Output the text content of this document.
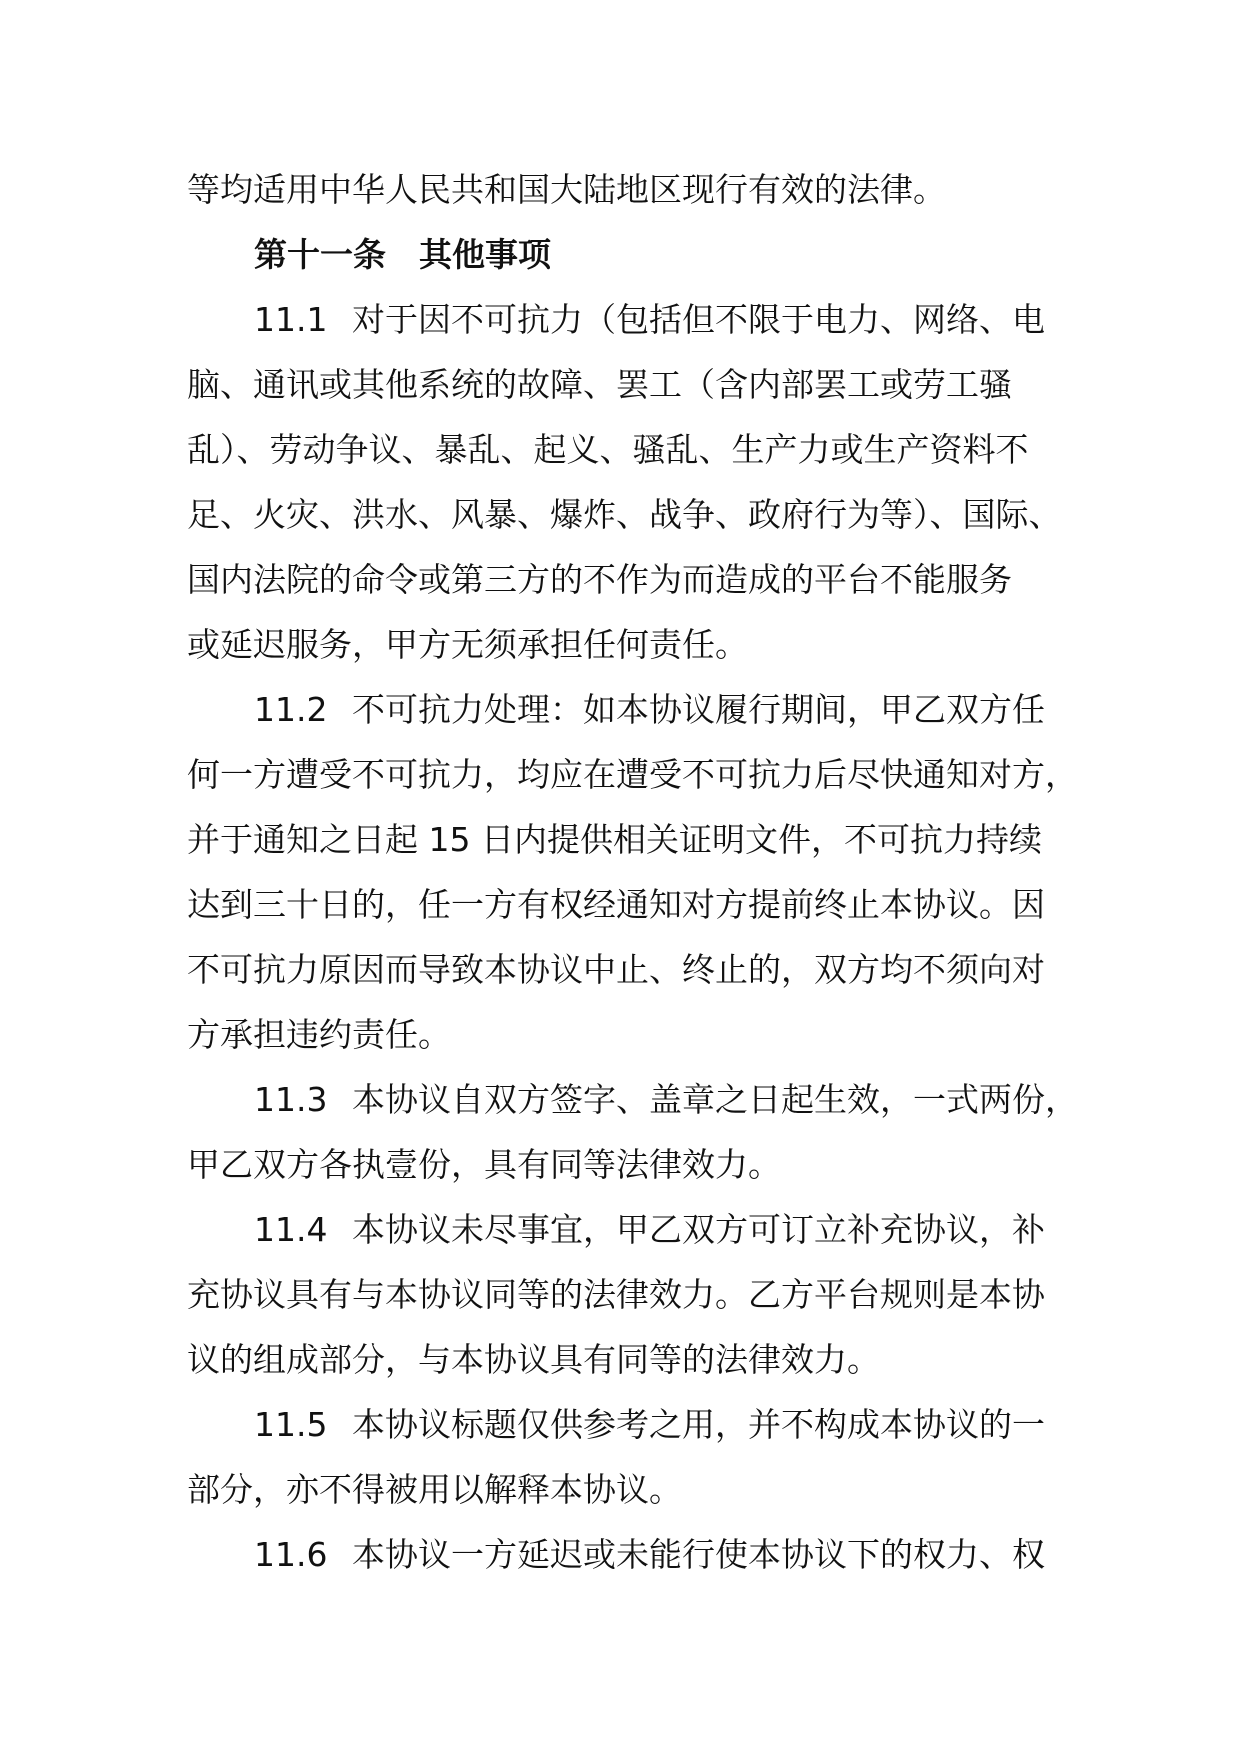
等均适用中华人民共和国大陆地区现行有效的法律。

第十一条　其他事项

11.1 对于因不可抗力（包括但不限于电力、网络、电
脑、通讯或其他系统的故障、罢工（含内部罢工或劳工骚
乱）、劳动争议、暴乱、起义、骚乱、生产力或生产资料不
足、火灾、洪水、风暴、爆炸、战争、政府行为等）、国际、
国内法院的命令或第三方的不作为而造成的平台不能服务
或延迟服务，甲方无须承担任何责任。
11.2 不可抗力处理：如本协议履行期间，甲乙双方任
何一方遭受不可抗力，均应在遭受不可抗力后尽快通知对方，
并于通知之日起 15 日内提供相关证明文件，不可抗力持续
达到三十日的，任一方有权经通知对方提前终止本协议。因
不可抗力原因而导致本协议中止、终止的，双方均不须向对
方承担违约责任。
11.3 本协议自双方签字、盖章之日起生效，一式两份，
甲乙双方各执壹份，具有同等法律效力。
11.4 本协议未尽事宜，甲乙双方可订立补充协议，补
充协议具有与本协议同等的法律效力。乙方平台规则是本协
议的组成部分，与本协议具有同等的法律效力。
11.5 本协议标题仅供参考之用，并不构成本协议的一
部分，亦不得被用以解释本协议。
11.6 本协议一方延迟或未能行使本协议下的权力、权
